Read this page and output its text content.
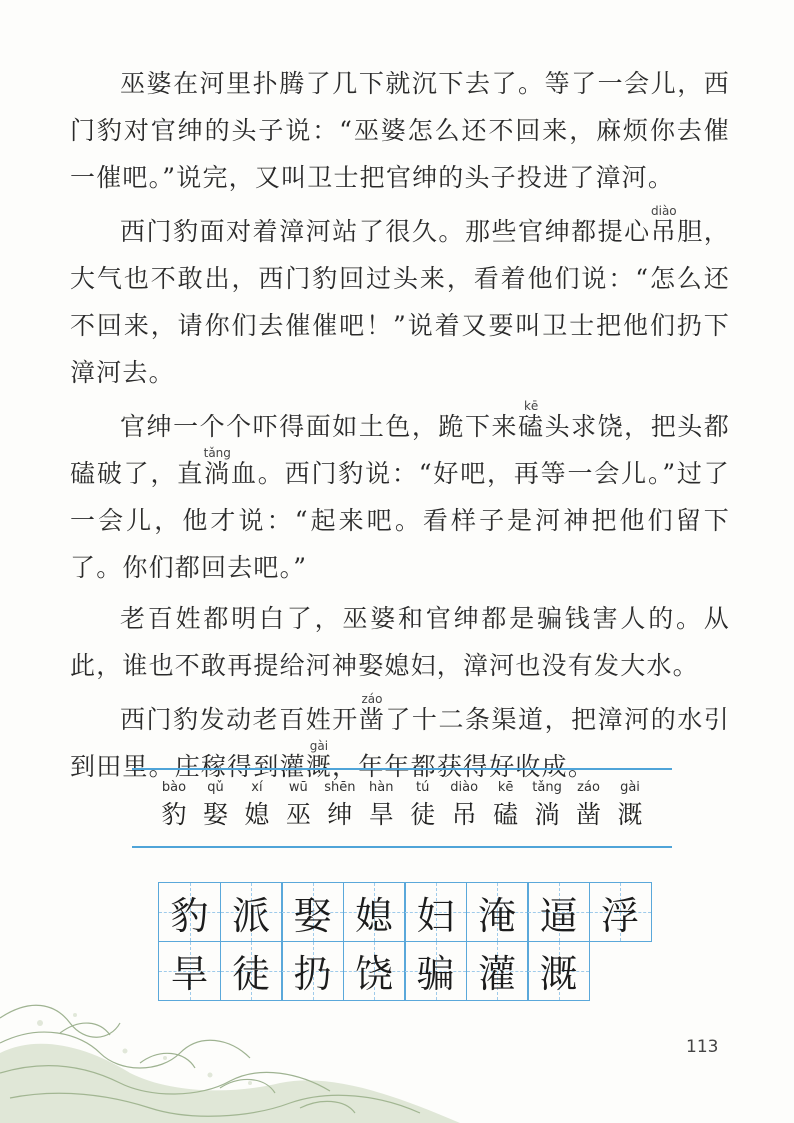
巫婆在河里扑腾了几下就沉下去了。等了一会儿，西门豹对官绅的头子说：“巫婆怎么还不回来，麻烦你去催一催吧。”说完，又叫卫士把官绅的头子投进了漳河。

西门豹面对着漳河站了很久。那些官绅都提心吊diào胆，大气也不敢出，西门豹回过头来，看着他们说：“怎么还不回来，请你们去催催吧！”说着又要叫卫士把他们扔下漳河去。

官绅一个个吓得面如土色，跪下来磕kē头求饶，把头都磕破了，直淌tǎng血。西门豹说：“好吧，再等一会儿。”过了一会儿，他才说：“起来吧。看样子是河神把他们留下了。你们都回去吧。”

老百姓都明白了，巫婆和官绅都是骗钱害人的。从此，谁也不敢再提给河神娶媳妇，漳河也没有发大水。

西门豹发动老百姓开凿záo了十二条渠道，把漳河的水引到田里。庄稼得到灌溉gài，年年都获得好收成。

bào
豹
qǔ
娶
xí
媳
wū
巫
shēn
绅
hàn
旱
tú
徒
diào
吊
kē
磕
tǎng
淌
záo
凿
gài
溉
豹 派 娶 媳 妇 淹 逼 浮
旱 徒 扔 饶 骗 灌 溉
113
